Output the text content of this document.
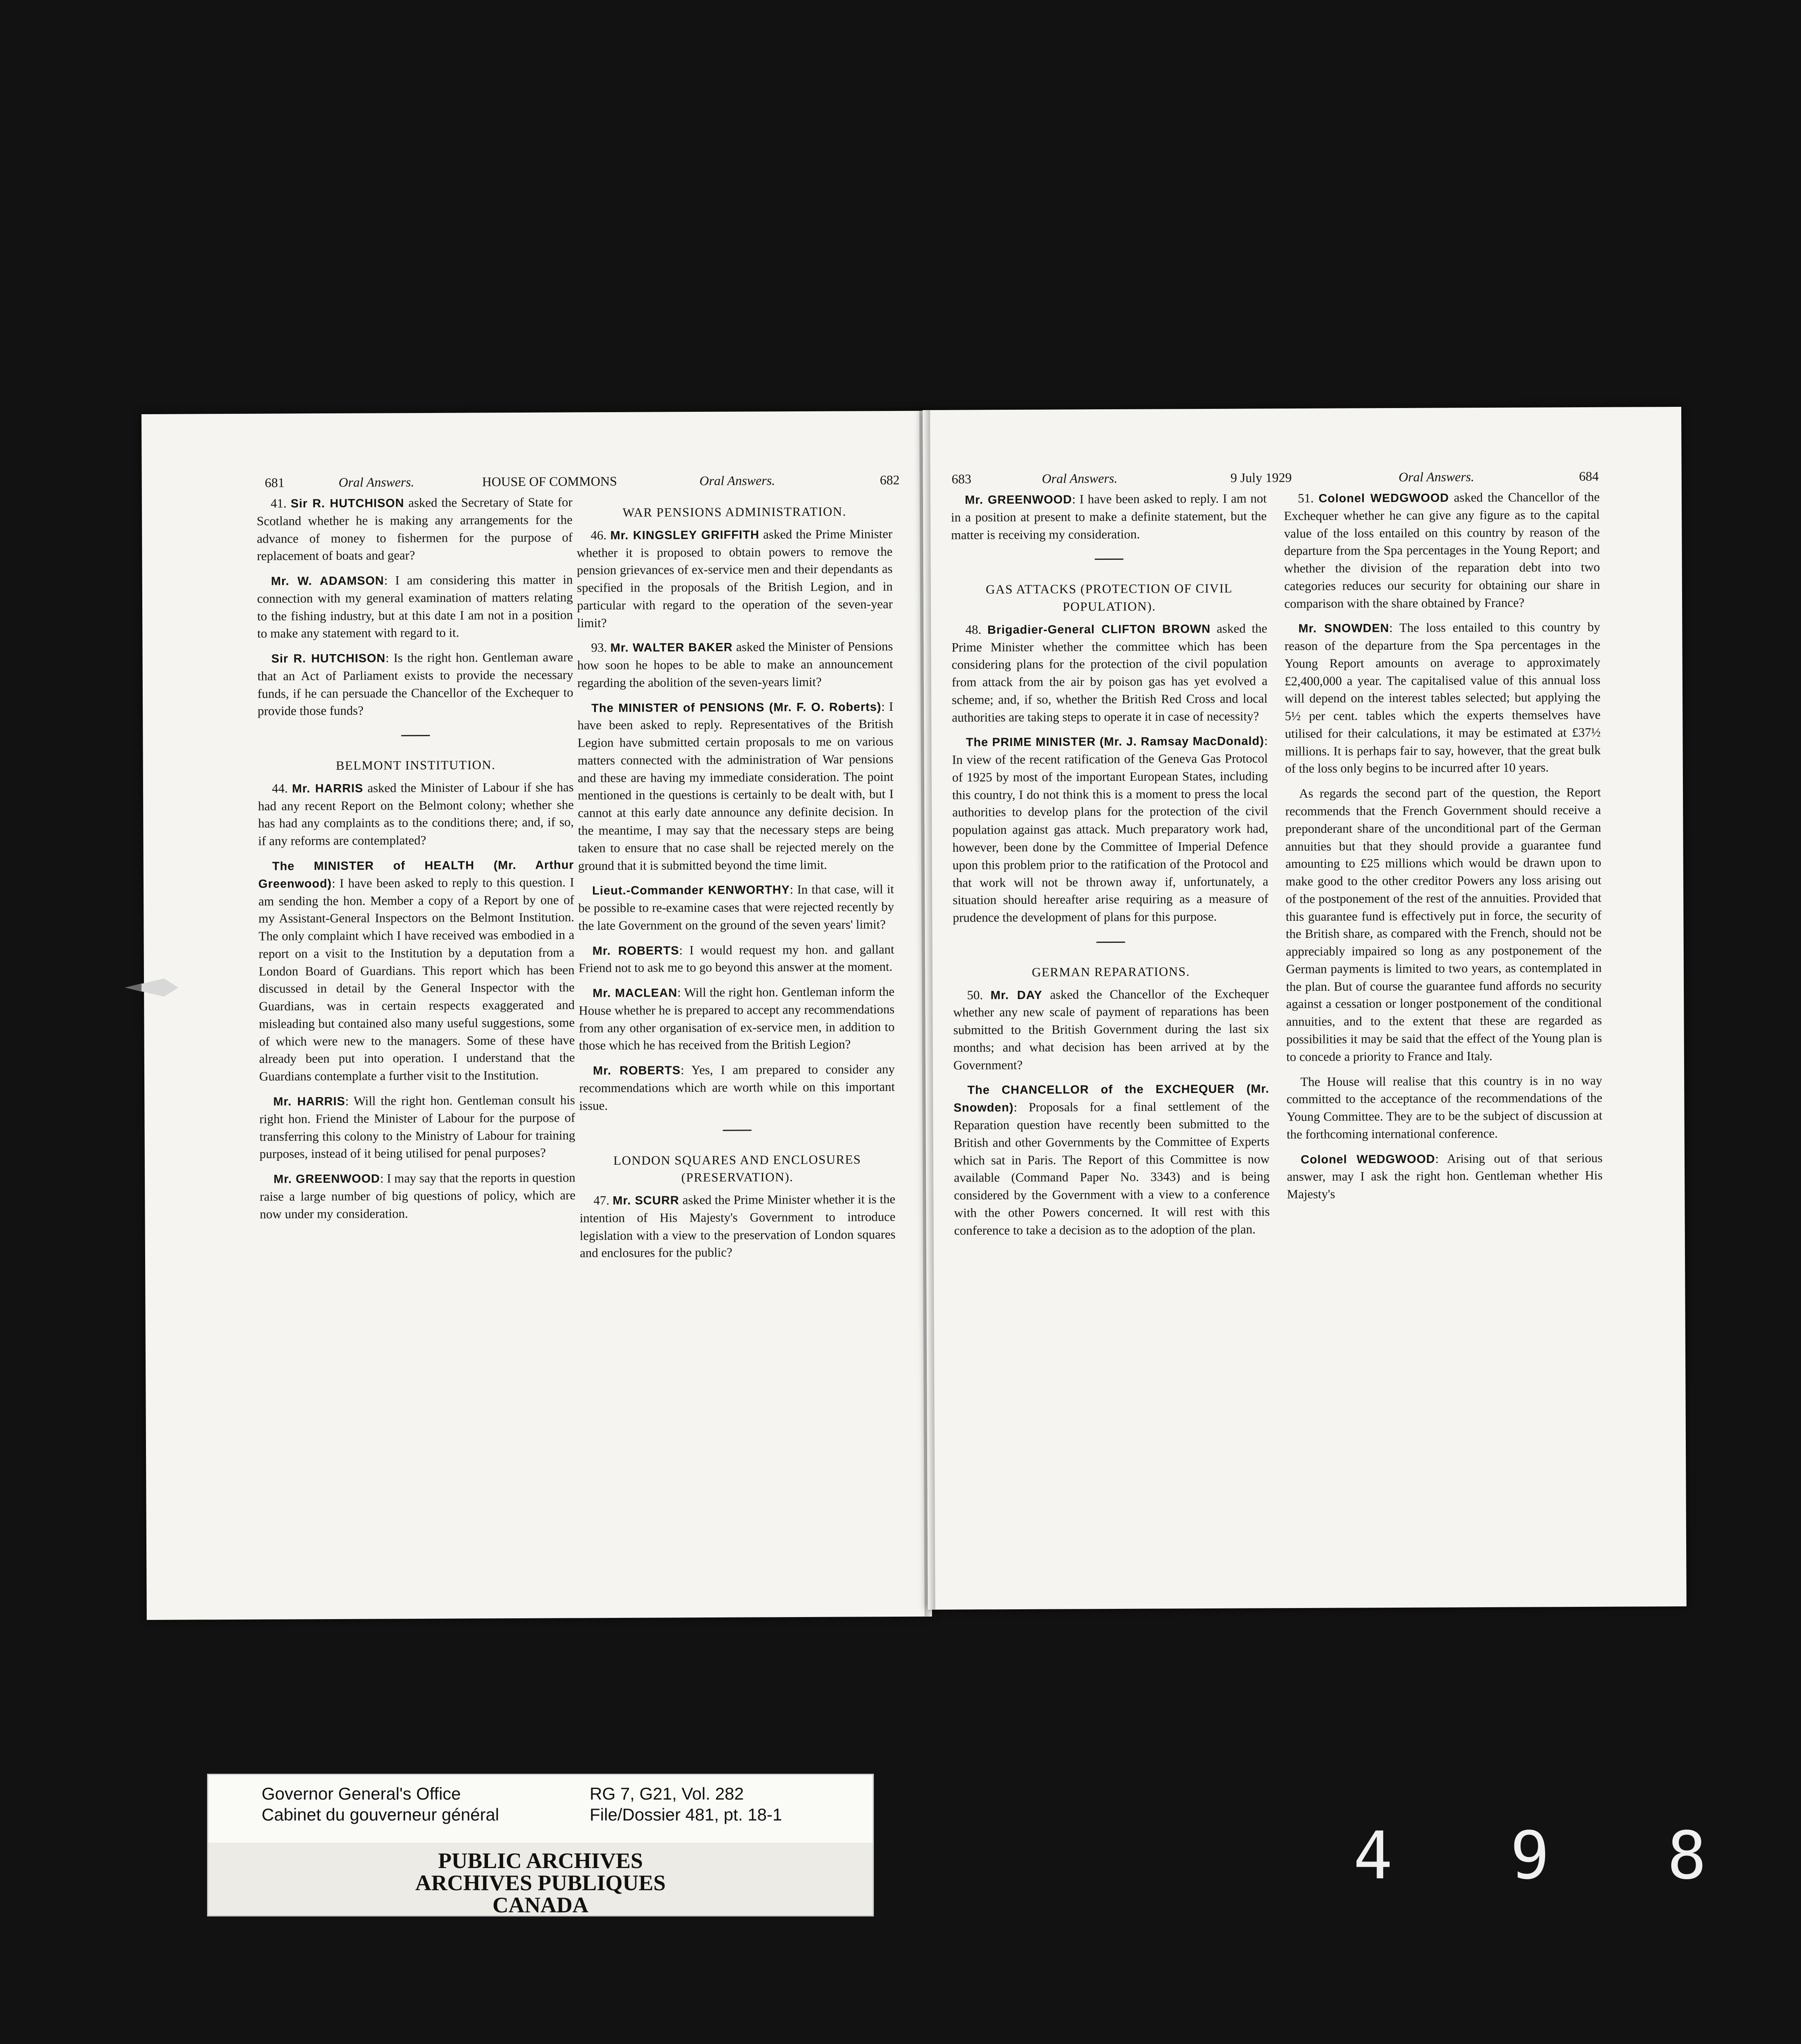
681	Oral Answers.	HOUSE OF COMMONS	Oral Answers.	682

41. Sir R. HUTCHISON asked the Secretary of State for Scotland whether he is making any arrangements for the advance of money to fishermen for the purpose of replacement of boats and gear?

Mr. W. ADAMSON: I am considering this matter in connection with my general examination of matters relating to the fishing industry, but at this date I am not in a position to make any statement with regard to it.

Sir R. HUTCHISON: Is the right hon. Gentleman aware that an Act of Parliament exists to provide the necessary funds, if he can persuade the Chancellor of the Exchequer to provide those funds?

BELMONT INSTITUTION.

44. Mr. HARRIS asked the Minister of Labour if she has had any recent Report on the Belmont colony; whether she has had any complaints as to the conditions there; and, if so, if any reforms are contemplated?

The MINISTER of HEALTH (Mr. Arthur Greenwood): I have been asked to reply to this question. I am sending the hon. Member a copy of a Report by one of my Assistant-General Inspectors on the Belmont Institution. The only complaint which I have received was embodied in a report on a visit to the Institution by a deputation from a London Board of Guardians. This report which has been discussed in detail by the General Inspector with the Guardians, was in certain respects exaggerated and misleading but contained also many useful suggestions, some of which were new to the managers. Some of these have already been put into operation. I understand that the Guardians contemplate a further visit to the Institution.

Mr. HARRIS: Will the right hon. Gentleman consult his right hon. Friend the Minister of Labour for the purpose of transferring this colony to the Ministry of Labour for training purposes, instead of it being utilised for penal purposes?

Mr. GREENWOOD: I may say that the reports in question raise a large number of big questions of policy, which are now under my consideration.

WAR PENSIONS ADMINISTRATION.

46. Mr. KINGSLEY GRIFFITH asked the Prime Minister whether it is proposed to obtain powers to remove the pension grievances of ex-service men and their dependants as specified in the proposals of the British Legion, and in particular with regard to the operation of the seven-year limit?

93. Mr. WALTER BAKER asked the Minister of Pensions how soon he hopes to be able to make an announcement regarding the abolition of the seven-years limit?

The MINISTER of PENSIONS (Mr. F. O. Roberts): I have been asked to reply. Representatives of the British Legion have submitted certain proposals to me on various matters connected with the administration of War pensions and these are having my immediate consideration. The point mentioned in the questions is certainly to be dealt with, but I cannot at this early date announce any definite decision. In the meantime, I may say that the necessary steps are being taken to ensure that no case shall be rejected merely on the ground that it is submitted beyond the time limit.

Lieut.-Commander KENWORTHY: In that case, will it be possible to re-examine cases that were rejected recently by the late Government on the ground of the seven years' limit?

Mr. ROBERTS: I would request my hon. and gallant Friend not to ask me to go beyond this answer at the moment.

Mr. MACLEAN: Will the right hon. Gentleman inform the House whether he is prepared to accept any recommendations from any other organisation of ex-service men, in addition to those which he has received from the British Legion?

Mr. ROBERTS: Yes, I am prepared to consider any recommendations which are worth while on this important issue.

LONDON SQUARES AND ENCLOSURES (PRESERVATION).

47. Mr. SCURR asked the Prime Minister whether it is the intention of His Majesty's Government to introduce legislation with a view to the preservation of London squares and enclosures for the public?

683	Oral Answers.	9 July 1929	Oral Answers.	684

Mr. GREENWOOD: I have been asked to reply. I am not in a position at present to make a definite statement, but the matter is receiving my consideration.

GAS ATTACKS (PROTECTION OF CIVIL POPULATION).

48. Brigadier-General CLIFTON BROWN asked the Prime Minister whether the committee which has been considering plans for the protection of the civil population from attack from the air by poison gas has yet evolved a scheme; and, if so, whether the British Red Cross and local authorities are taking steps to operate it in case of necessity?

The PRIME MINISTER (Mr. J. Ramsay MacDonald): In view of the recent ratification of the Geneva Gas Protocol of 1925 by most of the important European States, including this country, I do not think this is a moment to press the local authorities to develop plans for the protection of the civil population against gas attack. Much preparatory work had, however, been done by the Committee of Imperial Defence upon this problem prior to the ratification of the Protocol and that work will not be thrown away if, unfortunately, a situation should hereafter arise requiring as a measure of prudence the development of plans for this purpose.

GERMAN REPARATIONS.

50. Mr. DAY asked the Chancellor of the Exchequer whether any new scale of payment of reparations has been submitted to the British Government during the last six months; and what decision has been arrived at by the Government?

The CHANCELLOR of the EXCHEQUER (Mr. Snowden): Proposals for a final settlement of the Reparation question have recently been submitted to the British and other Governments by the Committee of Experts which sat in Paris. The Report of this Committee is now available (Command Paper No. 3343) and is being considered by the Government with a view to a conference with the other Powers concerned. It will rest with this conference to take a decision as to the adoption of the plan.

51. Colonel WEDGWOOD asked the Chancellor of the Exchequer whether he can give any figure as to the capital value of the loss entailed on this country by reason of the departure from the Spa percentages in the Young Report; and whether the division of the reparation debt into two categories reduces our security for obtaining our share in comparison with the share obtained by France?

Mr. SNOWDEN: The loss entailed to this country by reason of the departure from the Spa percentages in the Young Report amounts on average to approximately £2,400,000 a year. The capitalised value of this annual loss will depend on the interest tables selected; but applying the 5½ per cent. tables which the experts themselves have utilised for their calculations, it may be estimated at £37½ millions. It is perhaps fair to say, however, that the great bulk of the loss only begins to be incurred after 10 years.

As regards the second part of the question, the Report recommends that the French Government should receive a preponderant share of the unconditional part of the German annuities but that they should provide a guarantee fund amounting to £25 millions which would be drawn upon to make good to the other creditor Powers any loss arising out of the postponement of the rest of the annuities. Provided that this guarantee fund is effectively put in force, the security of the British share, as compared with the French, should not be appreciably impaired so long as any postponement of the German payments is limited to two years, as contemplated in the plan. But of course the guarantee fund affords no security against a cessation or longer postponement of the conditional annuities, and to the extent that these are regarded as possibilities it may be said that the effect of the Young plan is to concede a priority to France and Italy.

The House will realise that this country is in no way committed to the acceptance of the recommendations of the Young Committee. They are to be the subject of discussion at the forthcoming international conference.

Colonel WEDGWOOD: Arising out of that serious answer, may I ask the right hon. Gentleman whether His Majesty's

Governor General's Office
Cabinet du gouverneur général
RG 7, G21, Vol. 282
File/Dossier 481, pt. 18-1
PUBLIC ARCHIVES
ARCHIVES PUBLIQUES
CANADA
4 9 8
